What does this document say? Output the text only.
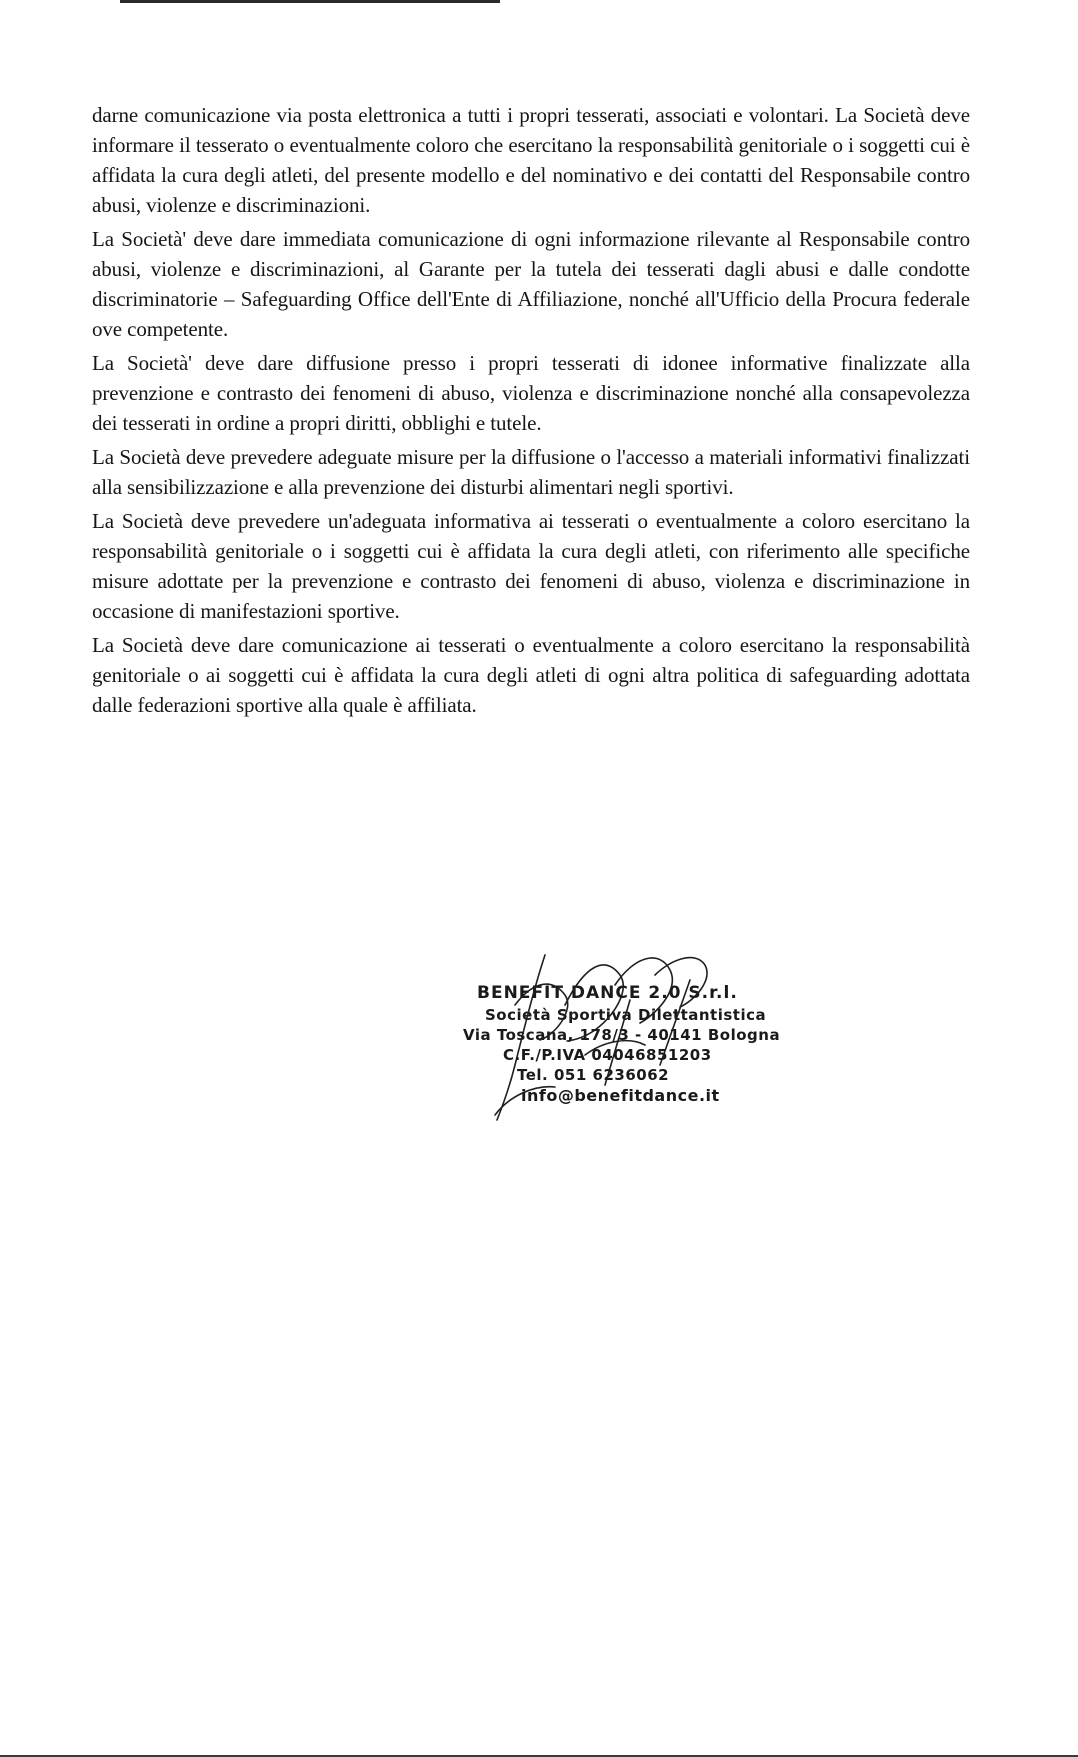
darne comunicazione via posta elettronica a tutti i propri tesserati, associati e volontari. La Società deve informare il tesserato o eventualmente coloro che esercitano la responsabilità genitoriale o i soggetti cui è affidata la cura degli atleti, del presente modello e del nominativo e dei contatti del Responsabile contro abusi, violenze e discriminazioni.

La Società' deve dare immediata comunicazione di ogni informazione rilevante al Responsabile contro abusi, violenze e discriminazioni, al Garante per la tutela dei tesserati dagli abusi e dalle condotte discriminatorie – Safeguarding Office dell'Ente di Affiliazione, nonché all'Ufficio della Procura federale ove competente.

La Società' deve dare diffusione presso i propri tesserati di idonee informative finalizzate alla prevenzione e contrasto dei fenomeni di abuso, violenza e discriminazione nonché alla consapevolezza dei tesserati in ordine a propri diritti, obblighi e tutele.

La Società deve prevedere adeguate misure per la diffusione o l'accesso a materiali informativi finalizzati alla sensibilizzazione e alla prevenzione dei disturbi alimentari negli sportivi.

La Società deve prevedere un'adeguata informativa ai tesserati o eventualmente a coloro esercitano la responsabilità genitoriale o i soggetti cui è affidata la cura degli atleti, con riferimento alle specifiche misure adottate per la prevenzione e contrasto dei fenomeni di abuso, violenza e discriminazione in occasione di manifestazioni sportive.

La Società deve dare comunicazione ai tesserati o eventualmente a coloro esercitano la responsabilità genitoriale o ai soggetti cui è affidata la cura degli atleti di ogni altra politica di safeguarding adottata dalle federazioni sportive alla quale è affiliata.

BENEFIT DANCE 2.0 S.r.l.
Società Sportiva Dilettantistica
Via Toscana, 178/3 - 40141 Bologna
C.F./P.IVA 04046851203
Tel. 051 6236062
info@benefitdance.it
